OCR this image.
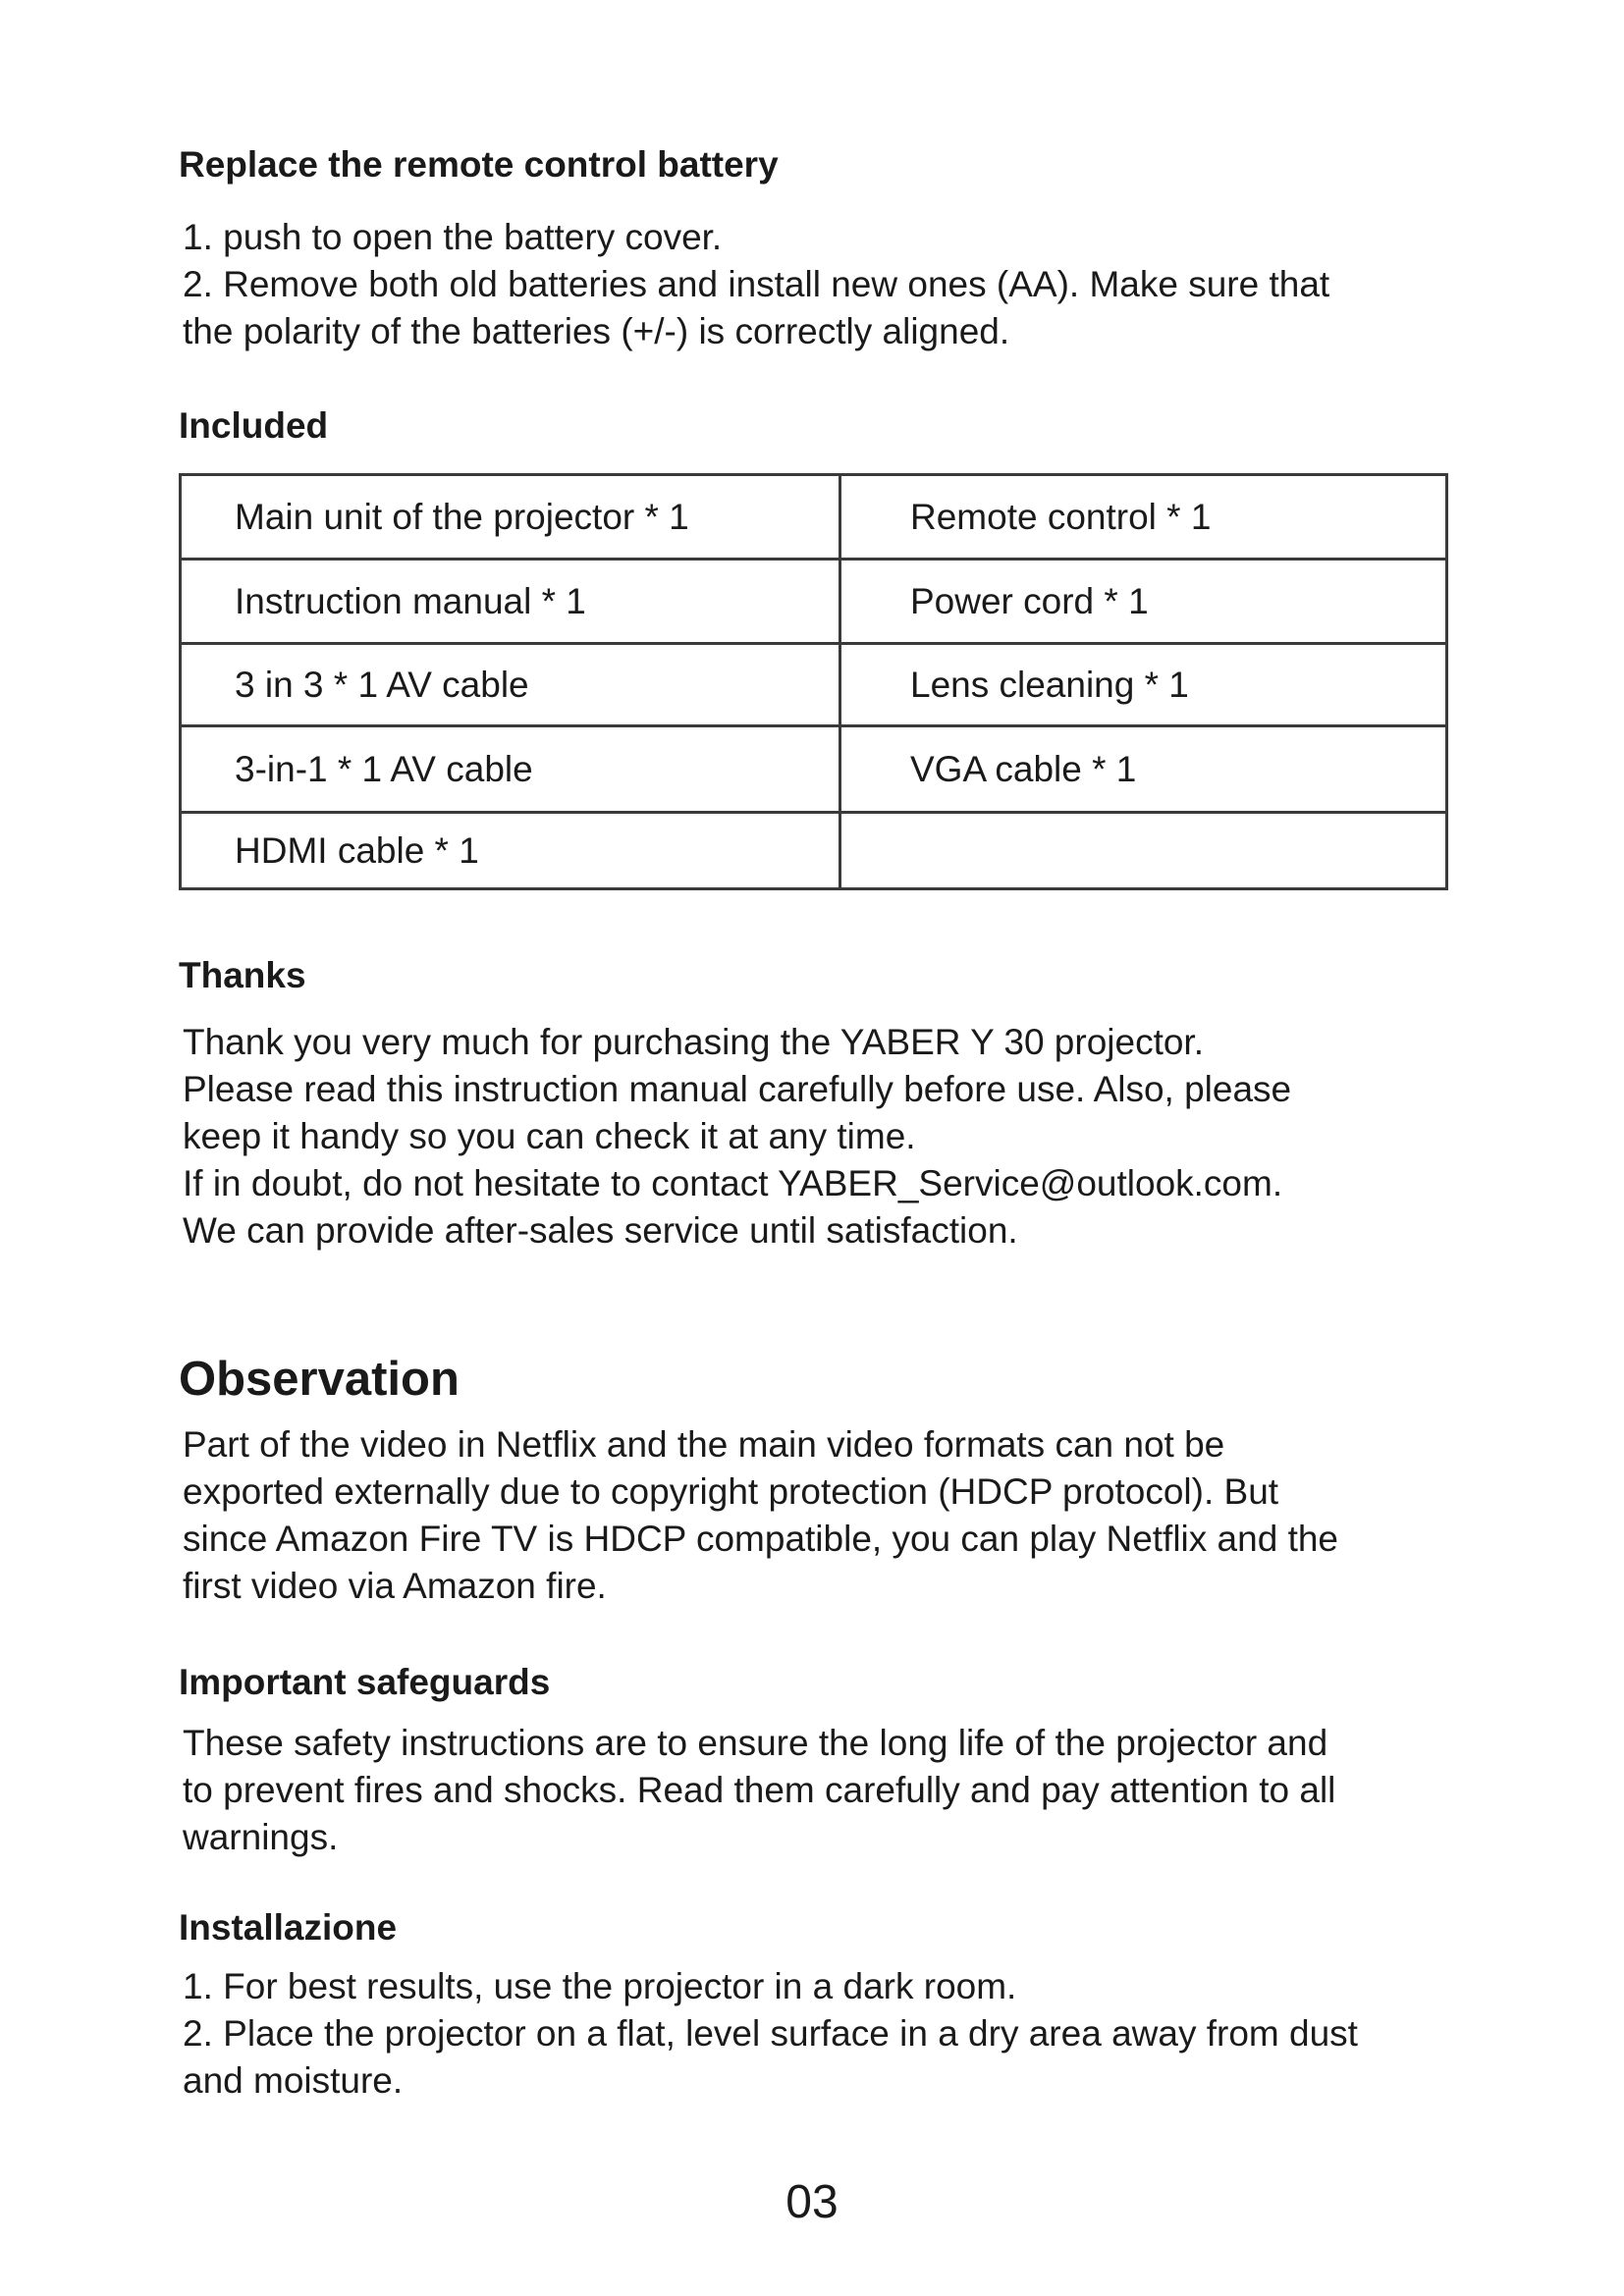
Replace the remote control battery
1. push to open the battery cover.
2. Remove both old batteries and install new ones (AA). Make sure that
the polarity of the batteries (+/-) is correctly aligned.
Included
Main unit of the projector * 1	Remote control * 1
Instruction manual * 1	Power cord * 1
3 in 3 * 1 AV cable	Lens cleaning * 1
3-in-1 * 1 AV cable	VGA cable * 1
HDMI cable * 1	
Thanks
Thank you very much for purchasing the YABER Y 30 projector.
Please read this instruction manual carefully before use. Also, please
keep it handy so you can check it at any time.
If in doubt, do not hesitate to contact YABER_Service@outlook.com.
We can provide after-sales service until satisfaction.
Observation
Part of the video in Netflix and the main video formats can not be
exported externally due to copyright protection (HDCP protocol). But
since Amazon Fire TV is HDCP compatible, you can play Netflix and the
first video via Amazon fire.
Important safeguards
These safety instructions are to ensure the long life of the projector and
to prevent fires and shocks. Read them carefully and pay attention to all
warnings.
Installazione
1. For best results, use the projector in a dark room.
2. Place the projector on a flat, level surface in a dry area away from dust
and moisture.
03
